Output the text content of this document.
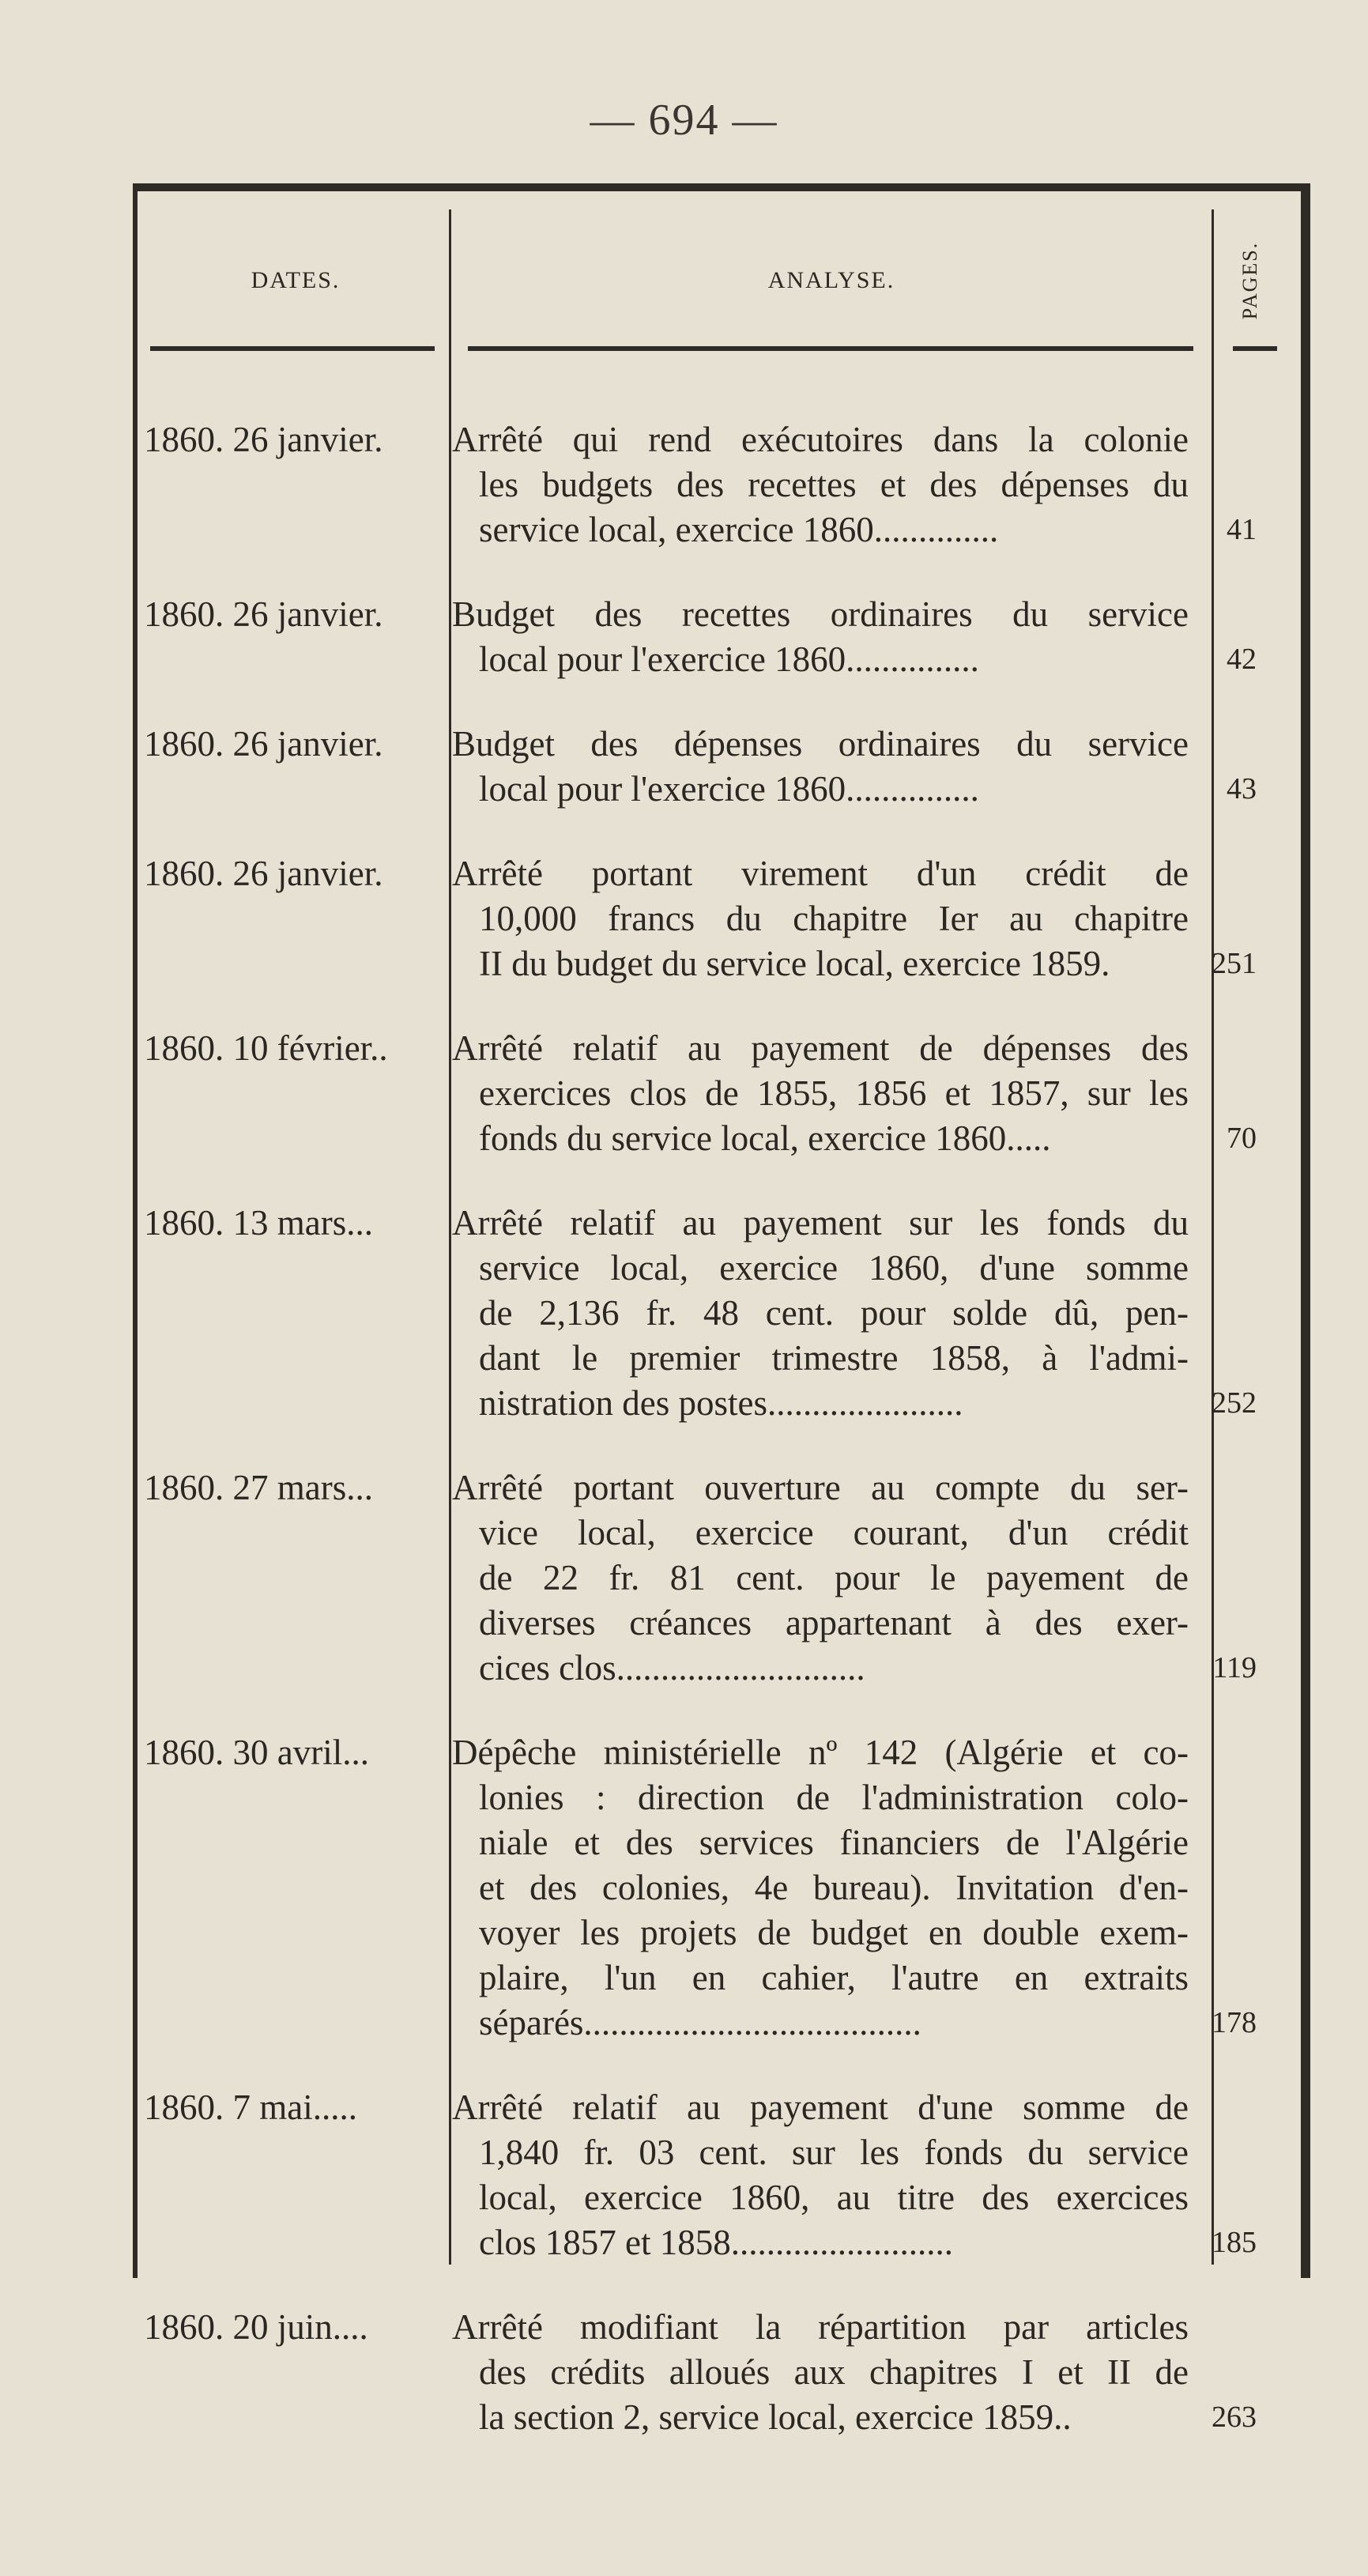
— 694 —
DATES.	ANALYSE.	PAGES.
1860. 26 janvier.	Arrêté qui rend exécutoires dans la colonie
les budgets des recettes et des dépenses du
service local, exercice 1860..............	41
1860. 26 janvier.	Budget des recettes ordinaires du service
local pour l'exercice 1860...............	42
1860. 26 janvier.	Budget des dépenses ordinaires du service
local pour l'exercice 1860...............	43
1860. 26 janvier.	Arrêté portant virement d'un crédit de
10,000 francs du chapitre Ier au chapitre
II du budget du service local, exercice 1859.	251
1860. 10 février..	Arrêté relatif au payement de dépenses des
exercices clos de 1855, 1856 et 1857, sur les
fonds du service local, exercice 1860.....	70
1860. 13 mars...	Arrêté relatif au payement sur les fonds du
service local, exercice 1860, d'une somme
de 2,136 fr. 48 cent. pour solde dû, pen-
dant le premier trimestre 1858, à l'admi-
nistration des postes......................	252
1860. 27 mars...	Arrêté portant ouverture au compte du ser-
vice local, exercice courant, d'un crédit
de 22 fr. 81 cent. pour le payement de
diverses créances appartenant à des exer-
cices clos............................	119
1860. 30 avril...	Dépêche ministérielle nº 142 (Algérie et co-
lonies : direction de l'administration colo-
niale et des services financiers de l'Algérie
et des colonies, 4e bureau). Invitation d'en-
voyer les projets de budget en double exem-
plaire, l'un en cahier, l'autre en extraits
séparés......................................	178
1860. 7 mai.....	Arrêté relatif au payement d'une somme de
1,840 fr. 03 cent. sur les fonds du service
local, exercice 1860, au titre des exercices
clos 1857 et 1858.........................	185
1860. 20 juin....	Arrêté modifiant la répartition par articles
des crédits alloués aux chapitres I et II de
la section 2, service local, exercice 1859..	263
